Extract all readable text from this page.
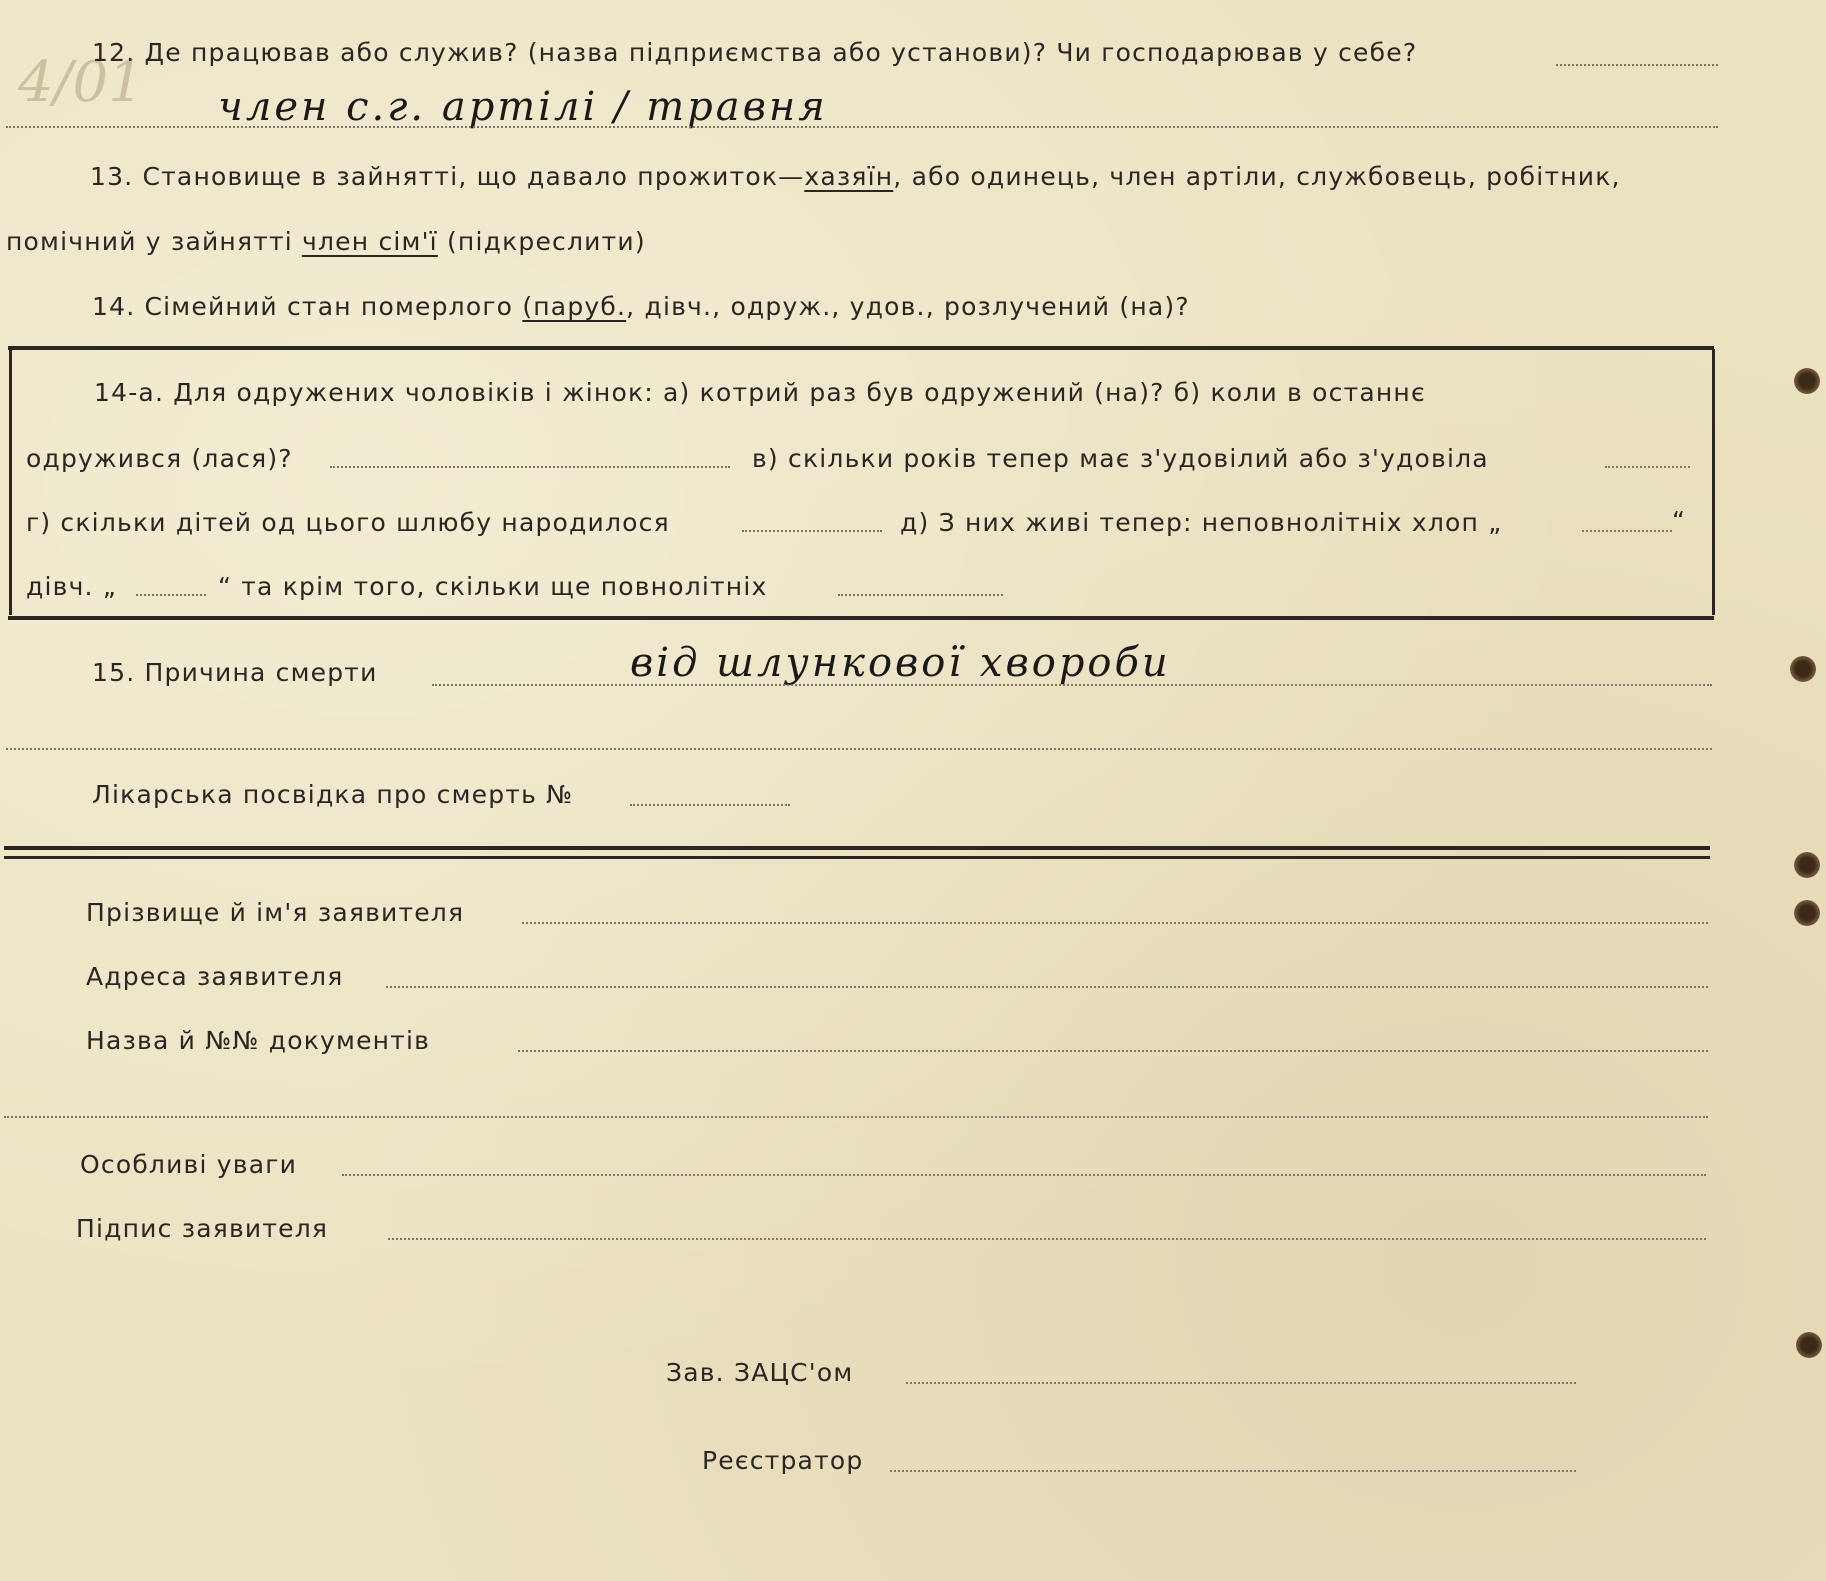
4/01
12. Де працював або служив? (назва підприємства або установи)? Чи господарював у себе?
член с.г. артілі / травня
13. Становище в зайнятті, що давало прожиток—хазяїн, або одинець, член артіли, службовець, робітник,
помічний у зайнятті член сім'ї (підкреслити)
14. Сімейний стан померлого (паруб., дівч., одруж., удов., розлучений (на)?
14-а. Для одружених чоловіків і жінок: а) котрий раз був одружений (на)? б) коли в останнє
одружився (лася)?	в) скільки років тепер має з'удовілий або з'удовіла
г) скільки дітей од цього шлюбу народилося	д) З них живі тепер: неповнолітніх хлоп „	“
дівч. „	“ та крім того, скільки ще повнолітніх
15. Причина смерти	від шлункової хвороби
Лікарська посвідка про смерть №
Прізвище й ім'я заявителя
Адреса заявителя
Назва й №№ документів
Особливі уваги
Підпис заявителя
Зав. ЗАЦС'ом
Реєстратор
